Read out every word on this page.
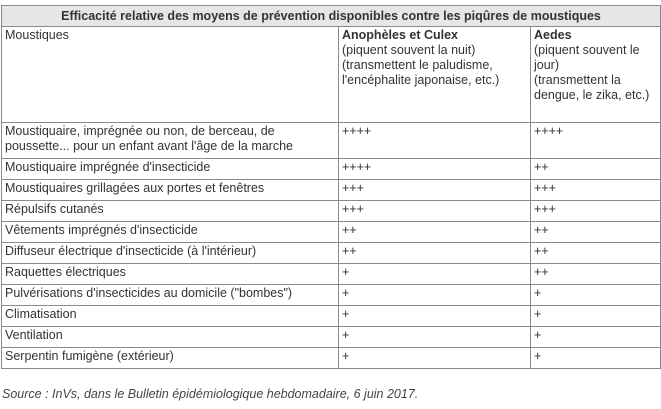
Efficacité relative des moyens de prévention disponibles contre les piqûres de moustiques		
Moustiques	Anophèles et Culex
(piquent souvent la nuit)
(transmettent le paludisme, l'encéphalite japonaise, etc.)	Aedes
(piquent souvent le jour)
(transmettent la dengue, le zika, etc.)

Moustiquaire, imprégnée ou non, de berceau, de poussette... pour un enfant avant l'âge de la marche	++++	++++
Moustiquaire imprégnée d'insecticide	++++	++
Moustiquaires grillagées aux portes et fenêtres	+++	+++
Répulsifs cutanés	+++	+++
Vêtements imprégnés d'insecticide	++	++
Diffuseur électrique d'insecticide (à l'intérieur)	++	++
Raquettes électriques	+	++
Pulvérisations d'insecticides au domicile ("bombes")	+	+
Climatisation	+	+
Ventilation	+	+
Serpentin fumigène (extérieur)	+	+
Source : InVs, dans le Bulletin épidémiologique hebdomadaire, 6 juin 2017.
